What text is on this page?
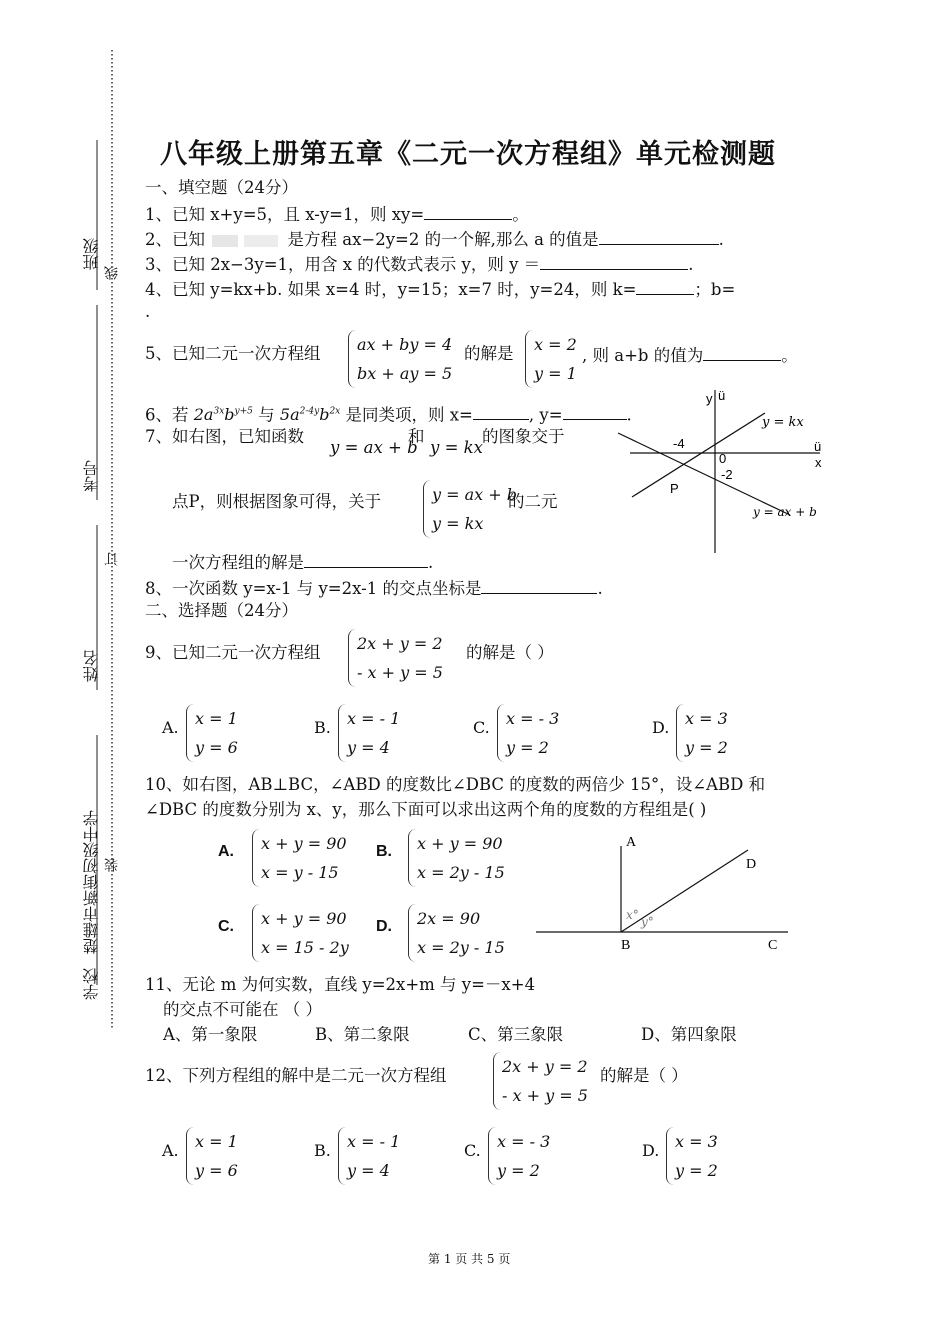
班级
线
考号
订
姓名
楚雄市新街初级中学 装
学校
八年级上册第五章《二元一次方程组》单元检测题
一、填空题（24分）
1、已知 x+y=5，且 x-y=1，则 xy=	。
2、已知	是方程 ax−2y=2 的一个解,那么 a 的值是	.
3、已知 2x−3y=1，用含 x 的代数式表示 y，则 y ＝	.
4、已知 y=kx+b. 如果 x=4 时，y=15；x=7 时，y=24，则 k=	；b=
.
5、已知二元一次方程组 ax + by = 4
bx + ay = 5
的解是 x = 2
y = 1
, 则 a+b 的值为	。
6、若 $2a^{3x}b^{y+5}$ 与 $5a^{2-4y}b^{2x}$ 是同类项，则 x=	, y=	.
7、如右图，已知函数
y = ax + b
和
y = kx
的图象交于
点P，则根据图象可得，关于	y = ax + b
y = kx
的二元
一次方程组的解是	.
y ü
ü
x
0
-4
-2
P
y = kx
y = ax + b
8、一次函数 y=x-1 与 y=2x-1 的交点坐标是	.
二、选择题（24分）
9、已知二元一次方程组 2x + y = 2
- x + y = 5
的解是（ ）
A. x = 1
y = 6
B. x = - 1
y = 4
C. x = - 3
y = 2
D. x = 3
y = 2
10、如右图，AB⊥BC，∠ABD 的度数比∠DBC 的度数的两倍少 15°，设∠ABD 和
∠DBC 的度数分别为 x、y，那么下面可以求出这两个角的度数的方程组是( )
A. x + y = 90
x = y - 15
B. x + y = 90
x = 2y - 15
C. x + y = 90
x = 15 - 2y
D. 2x = 90
x = 2y - 15
A
D
B	C
x° y°
11、无论 m 为何实数，直线 y=2x+m 与 y=－x+4
的交点不可能在 （ ）
A、第一象限	B、第二象限	C、第三象限	D、第四象限
12、下列方程组的解中是二元一次方程组	2x + y = 2
- x + y = 5
的解是（ ）
A. x = 1
y = 6
B. x = - 1
y = 4
C. x = - 3
y = 2
D. x = 3
y = 2
第 1 页 共 5 页
